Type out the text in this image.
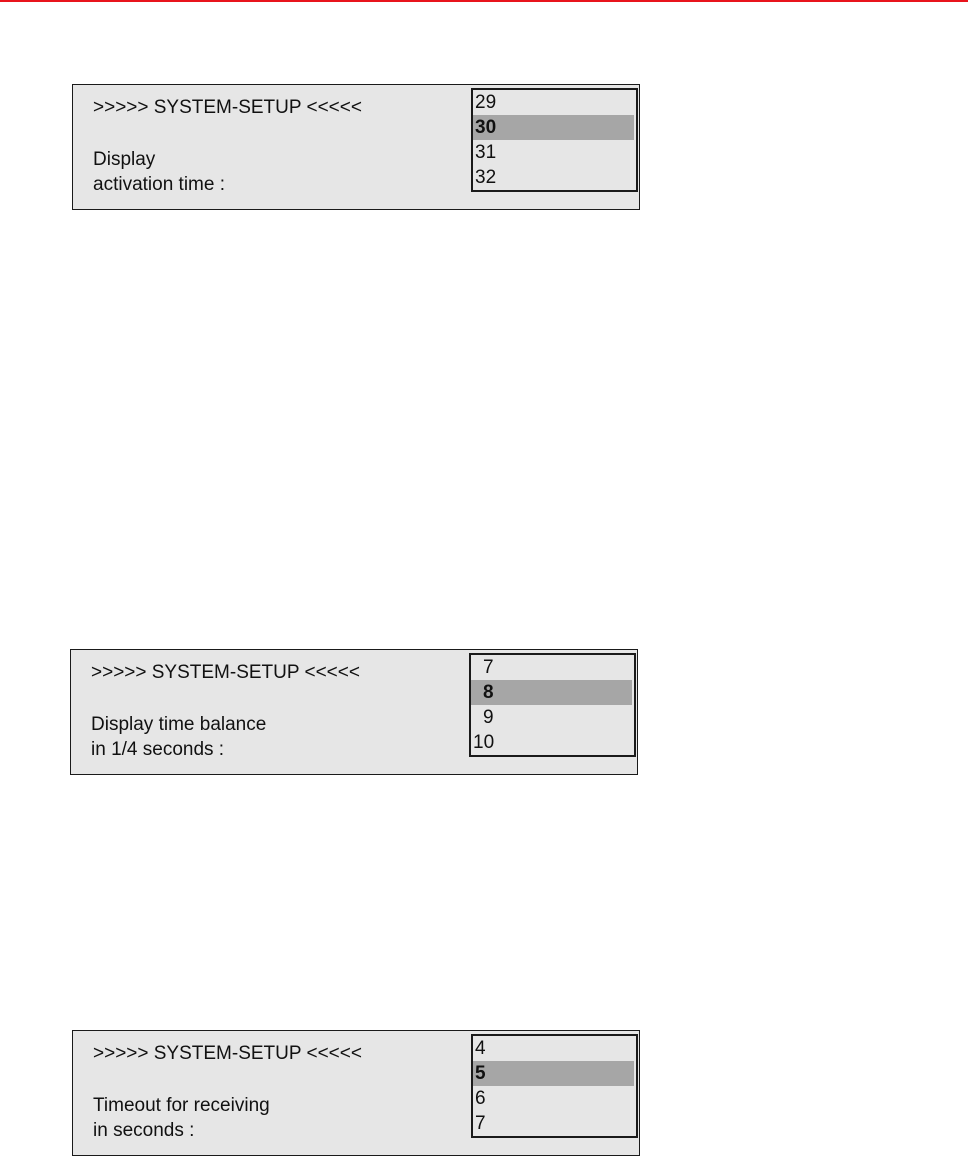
>>>>> SYSTEM-SETUP <<<<<
Display
activation time :
29
30
31
32
>>>>> SYSTEM-SETUP <<<<<
Display time balance
in 1/4 seconds :
7
8
9
10
>>>>> SYSTEM-SETUP <<<<<
Timeout for receiving
in seconds :
4
5
6
7
